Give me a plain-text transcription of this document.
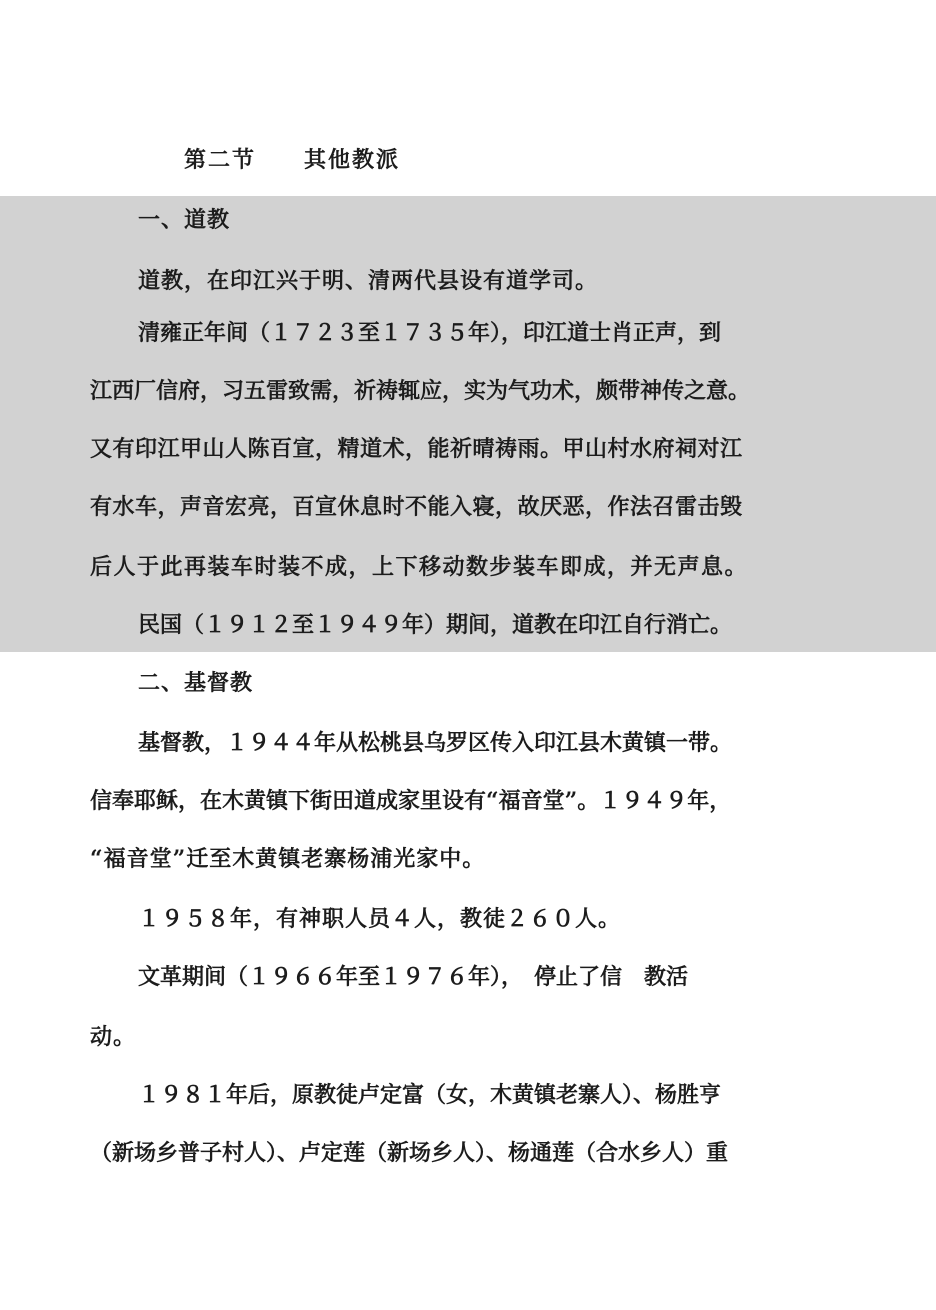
第二节　　其他教派
一、道教
道教，在印江兴于明、清两代县设有道学司。
清雍正年间（１７２３至１７３５年），印江道士肖正声，到
江西厂信府，习五雷致需，祈祷辄应，实为气功术，颇带神传之意。
又有印江甲山人陈百宣，精道术，能祈晴祷雨。甲山村水府祠对江
有水车，声音宏亮，百宣休息时不能入寝，故厌恶，作法召雷击毁
后人于此再装车时装不成，上下移动数步装车即成，并无声息。
民国（１９１２至１９４９年）期间，道教在印江自行消亡。
二、基督教
基督教，１９４４年从松桃县乌罗区传入印江县木黄镇一带。
信奉耶稣，在木黄镇下街田道成家里设有“福音堂”。１９４９年，
“福音堂”迁至木黄镇老寨杨浦光家中。
１９５８年，有神职人员４人，教徒２６０人。
文革期间（１９６６年至１９７６年），　停止了信　教活
动。
１９８１年后，原教徒卢定富（女，木黄镇老寨人）、杨胜亨
（新场乡普子村人）、卢定莲（新场乡人）、杨通莲（合水乡人）重
